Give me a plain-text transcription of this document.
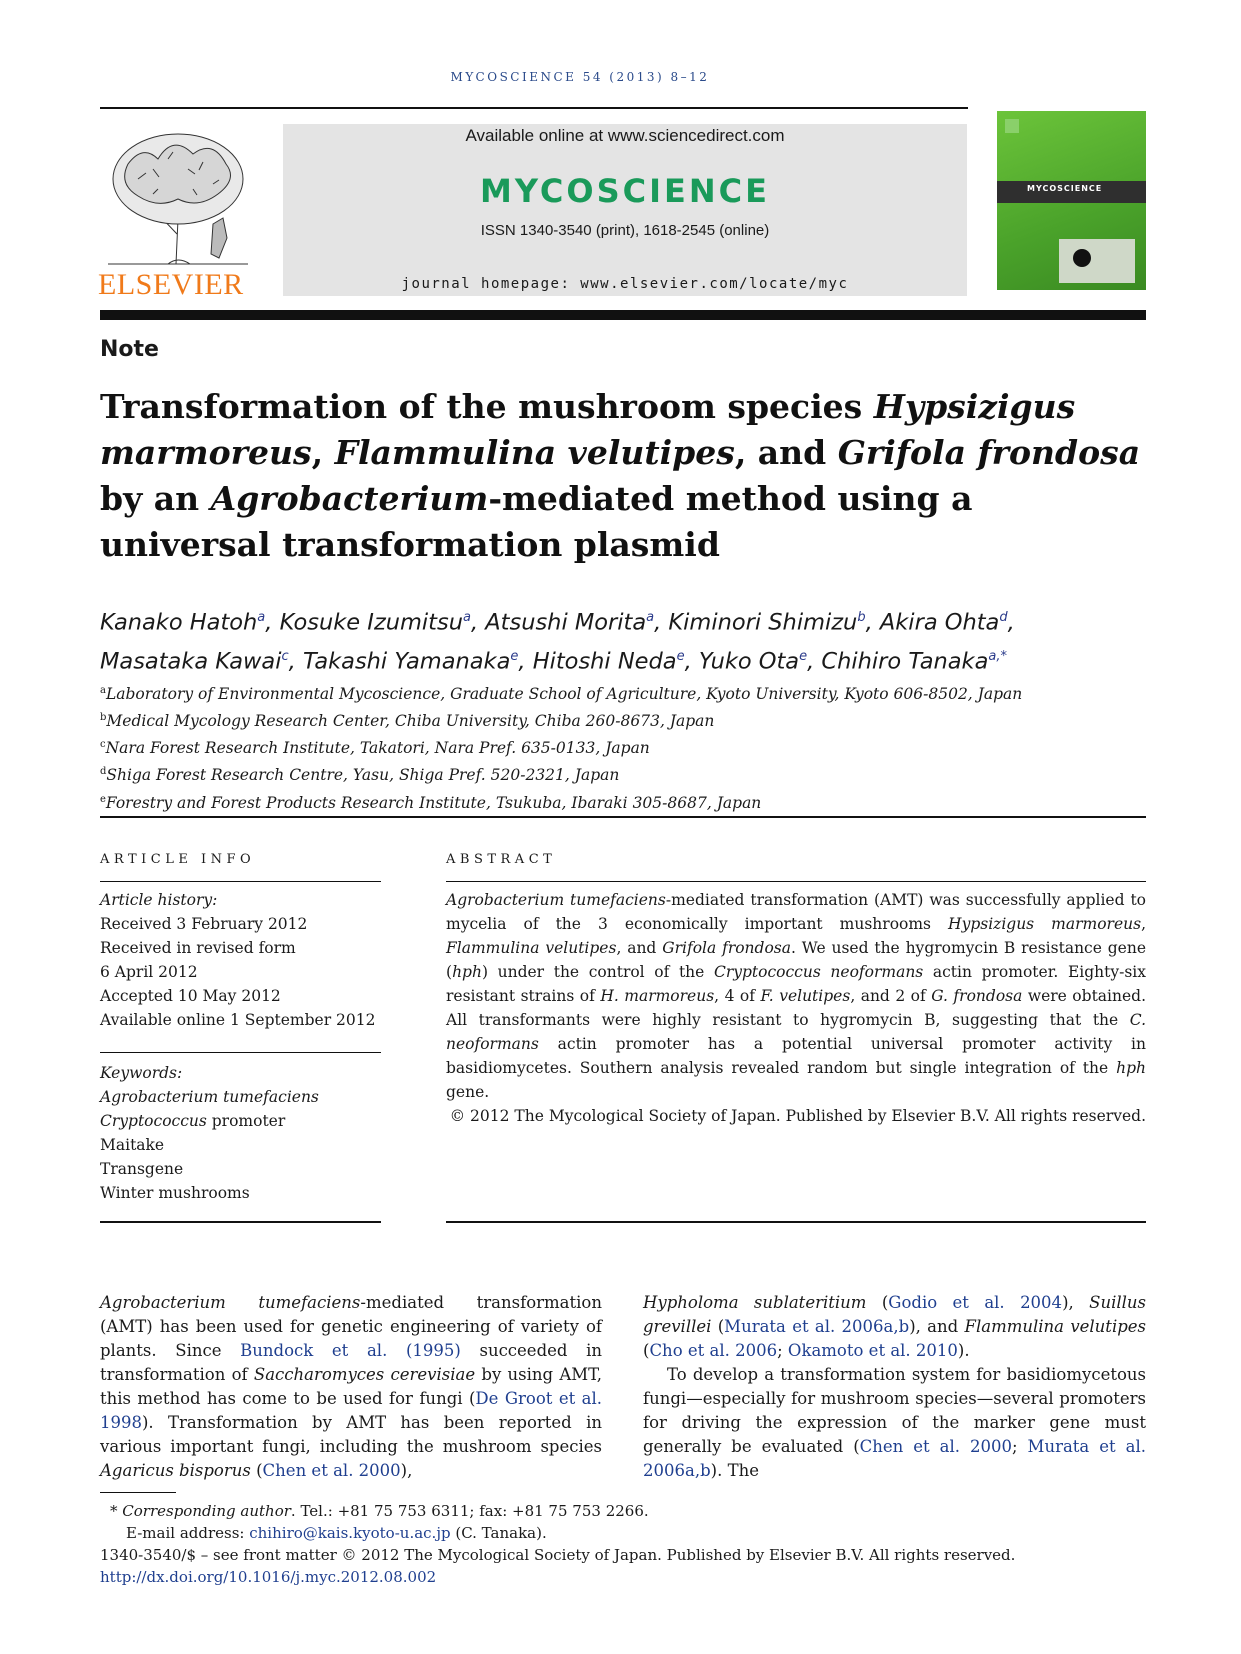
MYCOSCIENCE 54 (2013) 8–12
ELSEVIER
Available online at www.sciencedirect.com
MYCOSCIENCE
ISSN 1340-3540 (print), 1618-2545 (online)
journal homepage: www.elsevier.com/locate/myc
MYCOSCIENCE
Note
Transformation of the mushroom species Hypsizigus marmoreus, Flammulina velutipes, and Grifola frondosa
by an Agrobacterium-mediated method using a universal transformation plasmid
Kanako Hatoh$^a$, Kosuke Izumitsu$^a$, Atsushi Morita$^a$, Kiminori Shimizu$^b$, Akira Ohta$^d$,
Masataka Kawai$^c$, Takashi Yamanaka$^e$, Hitoshi Neda$^e$, Yuko Ota$^e$, Chihiro Tanaka$^{a,*}$
$^a$Laboratory of Environmental Mycoscience, Graduate School of Agriculture, Kyoto University, Kyoto 606-8502, Japan
$^b$Medical Mycology Research Center, Chiba University, Chiba 260-8673, Japan
$^c$Nara Forest Research Institute, Takatori, Nara Pref. 635-0133, Japan
$^d$Shiga Forest Research Centre, Yasu, Shiga Pref. 520-2321, Japan
$^e$Forestry and Forest Products Research Institute, Tsukuba, Ibaraki 305-8687, Japan
ARTICLE INFO
Article history:
Received 3 February 2012
Received in revised form
6 April 2012
Accepted 10 May 2012
Available online 1 September 2012
Keywords:
Agrobacterium tumefaciens
Cryptococcus promoter
Maitake
Transgene
Winter mushrooms
ABSTRACT
Agrobacterium tumefaciens-mediated transformation (AMT) was successfully applied to mycelia of the 3 economically important mushrooms Hypsizigus marmoreus, Flammulina velutipes, and Grifola frondosa. We used the hygromycin B resistance gene (hph) under the control of the Cryptococcus neoformans actin promoter. Eighty-six resistant strains of H. marmoreus, 4 of F. velutipes, and 2 of G. frondosa were obtained. All transformants were highly resistant to hygromycin B, suggesting that the C. neoformans actin promoter has a potential universal promoter activity in basidiomycetes. Southern analysis revealed random but single integration of the hph gene.
© 2012 The Mycological Society of Japan. Published by Elsevier B.V. All rights reserved.
Agrobacterium tumefaciens-mediated transformation (AMT) has been used for genetic engineering of variety of plants. Since Bundock et al. (1995) succeeded in transformation of Saccharomyces cerevisiae by using AMT, this method has come to be used for fungi (De Groot et al. 1998). Transformation by AMT has been reported in various important fungi, including the mushroom species Agaricus bisporus (Chen et al. 2000),
Hypholoma sublateritium (Godio et al. 2004), Suillus grevillei (Murata et al. 2006a,b), and Flammulina velutipes (Cho et al. 2006; Okamoto et al. 2010).
To develop a transformation system for basidiomycetous fungi—especially for mushroom species—several promoters for driving the expression of the marker gene must generally be evaluated (Chen et al. 2000; Murata et al. 2006a,b). The
* Corresponding author. Tel.: +81 75 753 6311; fax: +81 75 753 2266.
E-mail address: chihiro@kais.kyoto-u.ac.jp (C. Tanaka).
1340-3540/$ – see front matter © 2012 The Mycological Society of Japan. Published by Elsevier B.V. All rights reserved.
http://dx.doi.org/10.1016/j.myc.2012.08.002
